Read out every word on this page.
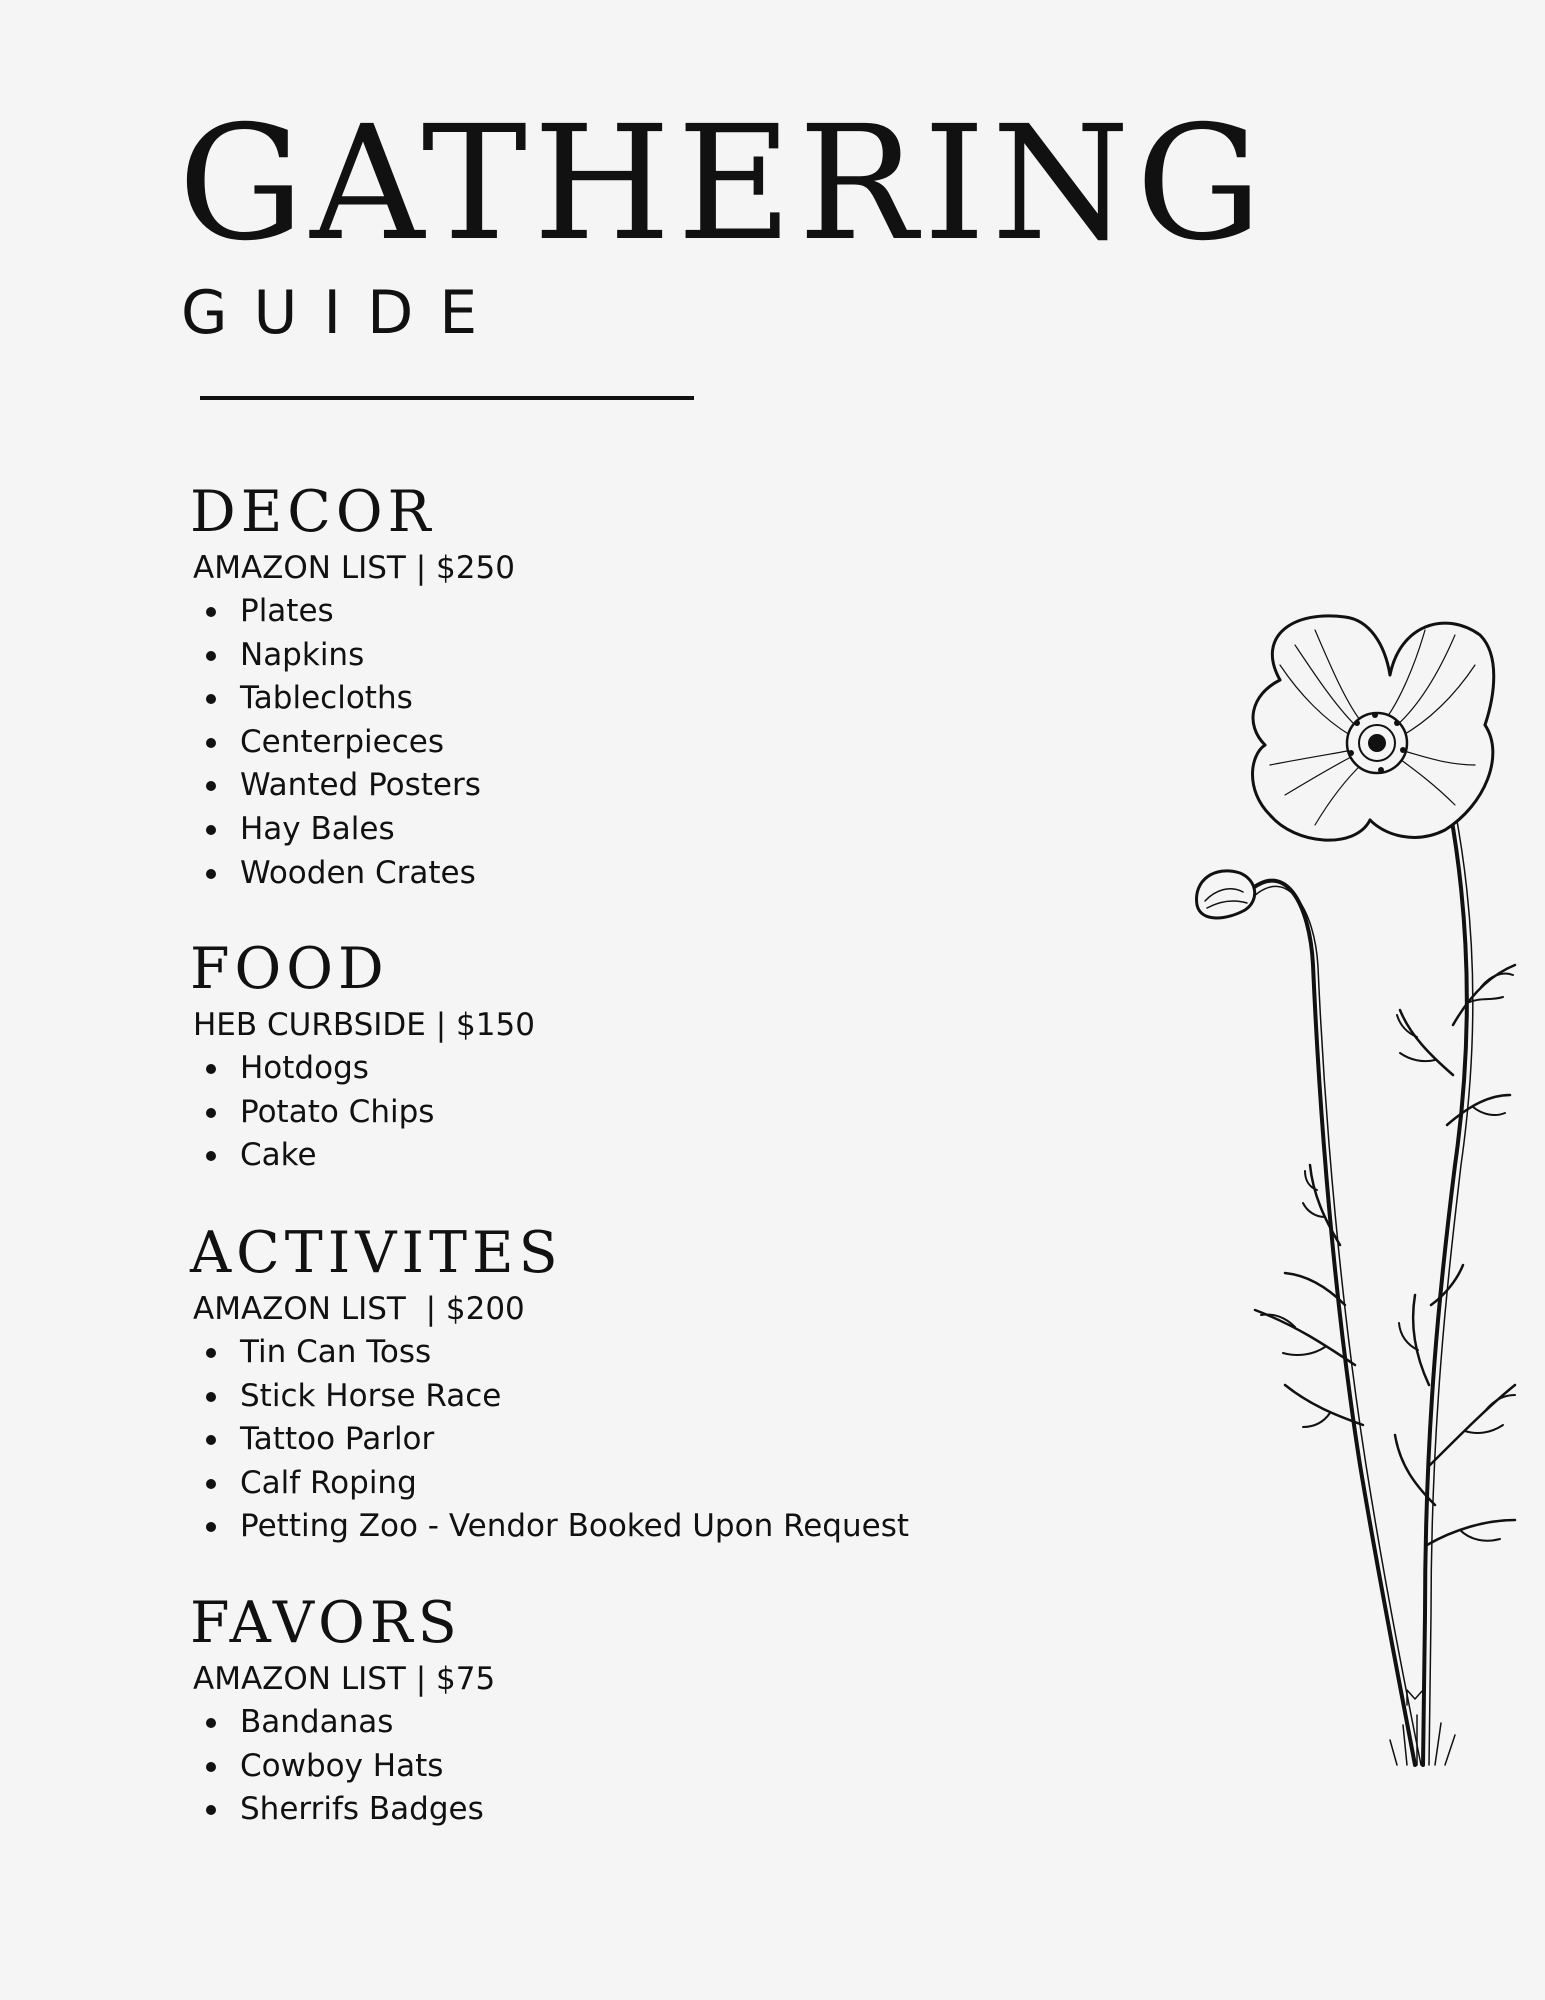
GATHERING
GUIDE
DECOR
AMAZON LIST | $250
Plates
Napkins
Tablecloths
Centerpieces
Wanted Posters
Hay Bales
Wooden Crates
FOOD
HEB CURBSIDE | $150
Hotdogs
Potato Chips
Cake
ACTIVITES
AMAZON LIST  | $200
Tin Can Toss
Stick Horse Race
Tattoo Parlor
Calf Roping
Petting Zoo - Vendor Booked Upon Request
FAVORS
AMAZON LIST | $75
Bandanas
Cowboy Hats
Sherrifs Badges
